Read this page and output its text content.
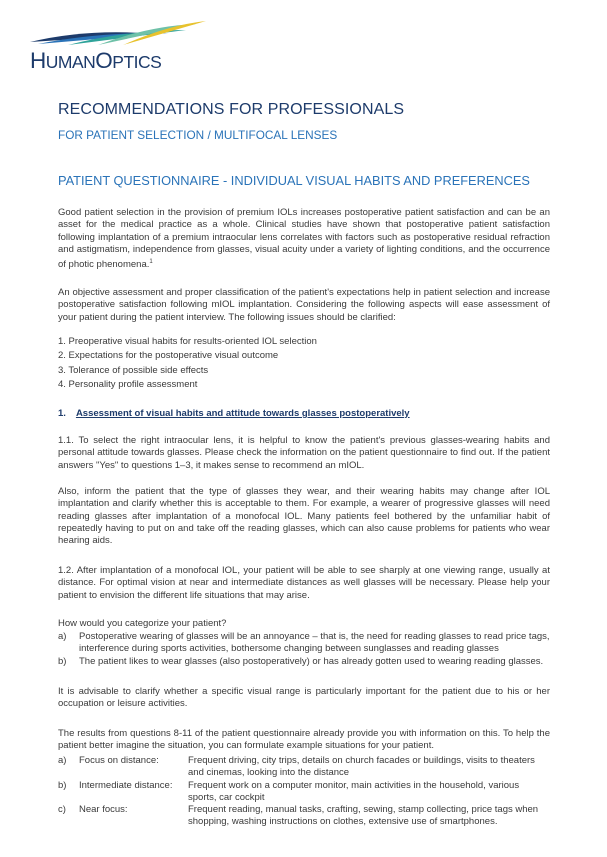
HUMANOPTICS
RECOMMENDATIONS FOR PROFESSIONALS

FOR PATIENT SELECTION / MULTIFOCAL LENSES

PATIENT QUESTIONNAIRE - INDIVIDUAL VISUAL HABITS AND PREFERENCES

Good patient selection in the provision of premium IOLs increases postoperative patient satisfaction and can be an asset for the medical practice as a whole. Clinical studies have shown that postoperative patient satisfaction following implantation of a premium intraocular lens correlates with factors such as postoperative residual refraction and astigmatism, independence from glasses, visual acuity under a variety of lighting conditions, and the occurrence of photic phenomena.$^1$

An objective assessment and proper classification of the patient's expectations help in patient selection and increase postoperative satisfaction following mIOL implantation. Considering the following aspects will ease assessment of your patient during the patient interview. The following issues should be clarified:

1. Preoperative visual habits for results-oriented IOL selection
2. Expectations for the postoperative visual outcome
3. Tolerance of possible side effects
4. Personality profile assessment

1. Assessment of visual habits and attitude towards glasses postoperatively

1.1. To select the right intraocular lens, it is helpful to know the patient's previous glasses-wearing habits and personal attitude towards glasses. Please check the information on the patient questionnaire to find out. If the patient answers "Yes" to questions 1–3, it makes sense to recommend an mIOL.

Also, inform the patient that the type of glasses they wear, and their wearing habits may change after IOL implantation and clarify whether this is acceptable to them. For example, a wearer of progressive glasses will need reading glasses after implantation of a monofocal IOL. Many patients feel bothered by the unfamiliar habit of repeatedly having to put on and take off the reading glasses, which can also cause problems for patients who wear hearing aids.

1.2. After implantation of a monofocal IOL, your patient will be able to see sharply at one viewing range, usually at distance. For optimal vision at near and intermediate distances as well glasses will be necessary. Please help your patient to envision the different life situations that may arise.

How would you categorize your patient?

a)	Postoperative wearing of glasses will be an annoyance – that is, the need for reading glasses to read price tags, interference during sports activities, bothersome changing between sunglasses and reading glasses
b)	The patient likes to wear glasses (also postoperatively) or has already gotten used to wearing reading glasses.

It is advisable to clarify whether a specific visual range is particularly important for the patient due to his or her occupation or leisure activities.

The results from questions 8-11 of the patient questionnaire already provide you with information on this. To help the patient better imagine the situation, you can formulate example situations for your patient.

a)	Focus on distance:	Frequent driving, city trips, details on church facades or buildings, visits to theaters and cinemas, looking into the distance
b)	Intermediate distance:	Frequent work on a computer monitor, main activities in the household, various sports, car cockpit
c)	Near focus:	Frequent reading, manual tasks, crafting, sewing, stamp collecting, price tags when shopping, washing instructions on clothes, extensive use of smartphones.
